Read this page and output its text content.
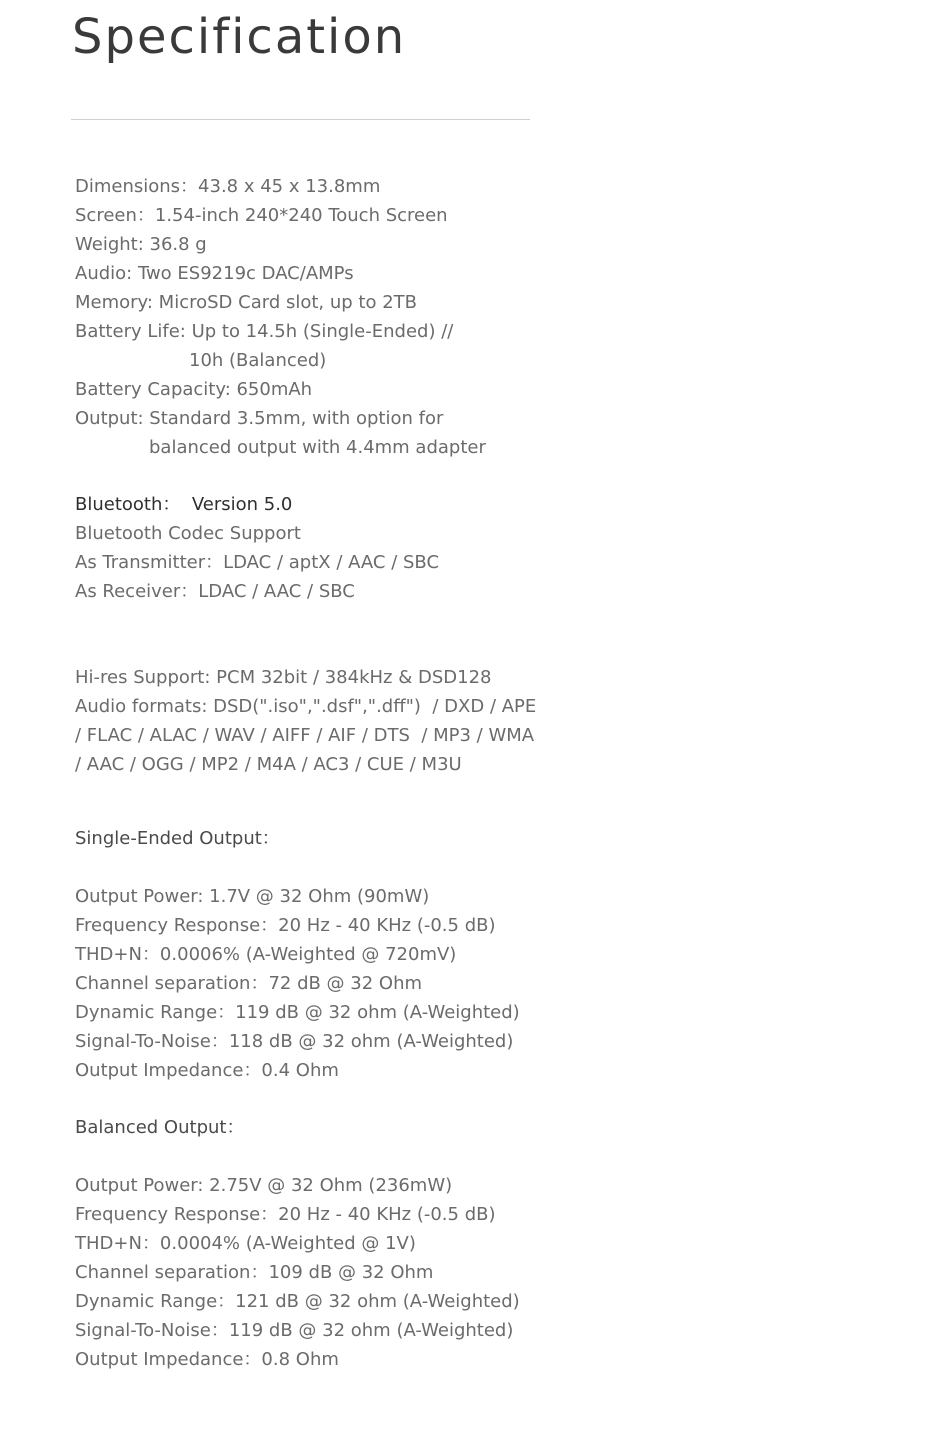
Specification

Dimensions：43.8 x 45 x 13.8mm

Screen：1.54-inch 240*240 Touch Screen

Weight: 36.8 g

Audio: Two ES9219c DAC/AMPs

Memory: MicroSD Card slot, up to 2TB

Battery Life: Up to 14.5h (Single-Ended) //

10h (Balanced)

Battery Capacity: 650mAh

Output: Standard 3.5mm, with option for

balanced output with 4.4mm adapter

Bluetooth：  Version 5.0

Bluetooth Codec Support

As Transmitter：LDAC / aptX / AAC / SBC

As Receiver：LDAC / AAC / SBC

Hi-res Support: PCM 32bit / 384kHz & DSD128

Audio formats: DSD(".iso",".dsf",".dff")  / DXD / APE

/ FLAC / ALAC / WAV / AIFF / AIF / DTS  / MP3 / WMA

/ AAC / OGG / MP2 / M4A / AC3 / CUE / M3U

Single-Ended Output：

Output Power: 1.7V @ 32 Ohm (90mW)

Frequency Response：20 Hz - 40 KHz (-0.5 dB)

THD+N：0.0006% (A-Weighted @ 720mV)

Channel separation：72 dB @ 32 Ohm

Dynamic Range：119 dB @ 32 ohm (A-Weighted)

Signal-To-Noise：118 dB @ 32 ohm (A-Weighted)

Output Impedance：0.4 Ohm

Balanced Output：

Output Power: 2.75V @ 32 Ohm (236mW)

Frequency Response：20 Hz - 40 KHz (-0.5 dB)

THD+N：0.0004% (A-Weighted @ 1V)

Channel separation：109 dB @ 32 Ohm

Dynamic Range：121 dB @ 32 ohm (A-Weighted)

Signal-To-Noise：119 dB @ 32 ohm (A-Weighted)

Output Impedance：0.8 Ohm
